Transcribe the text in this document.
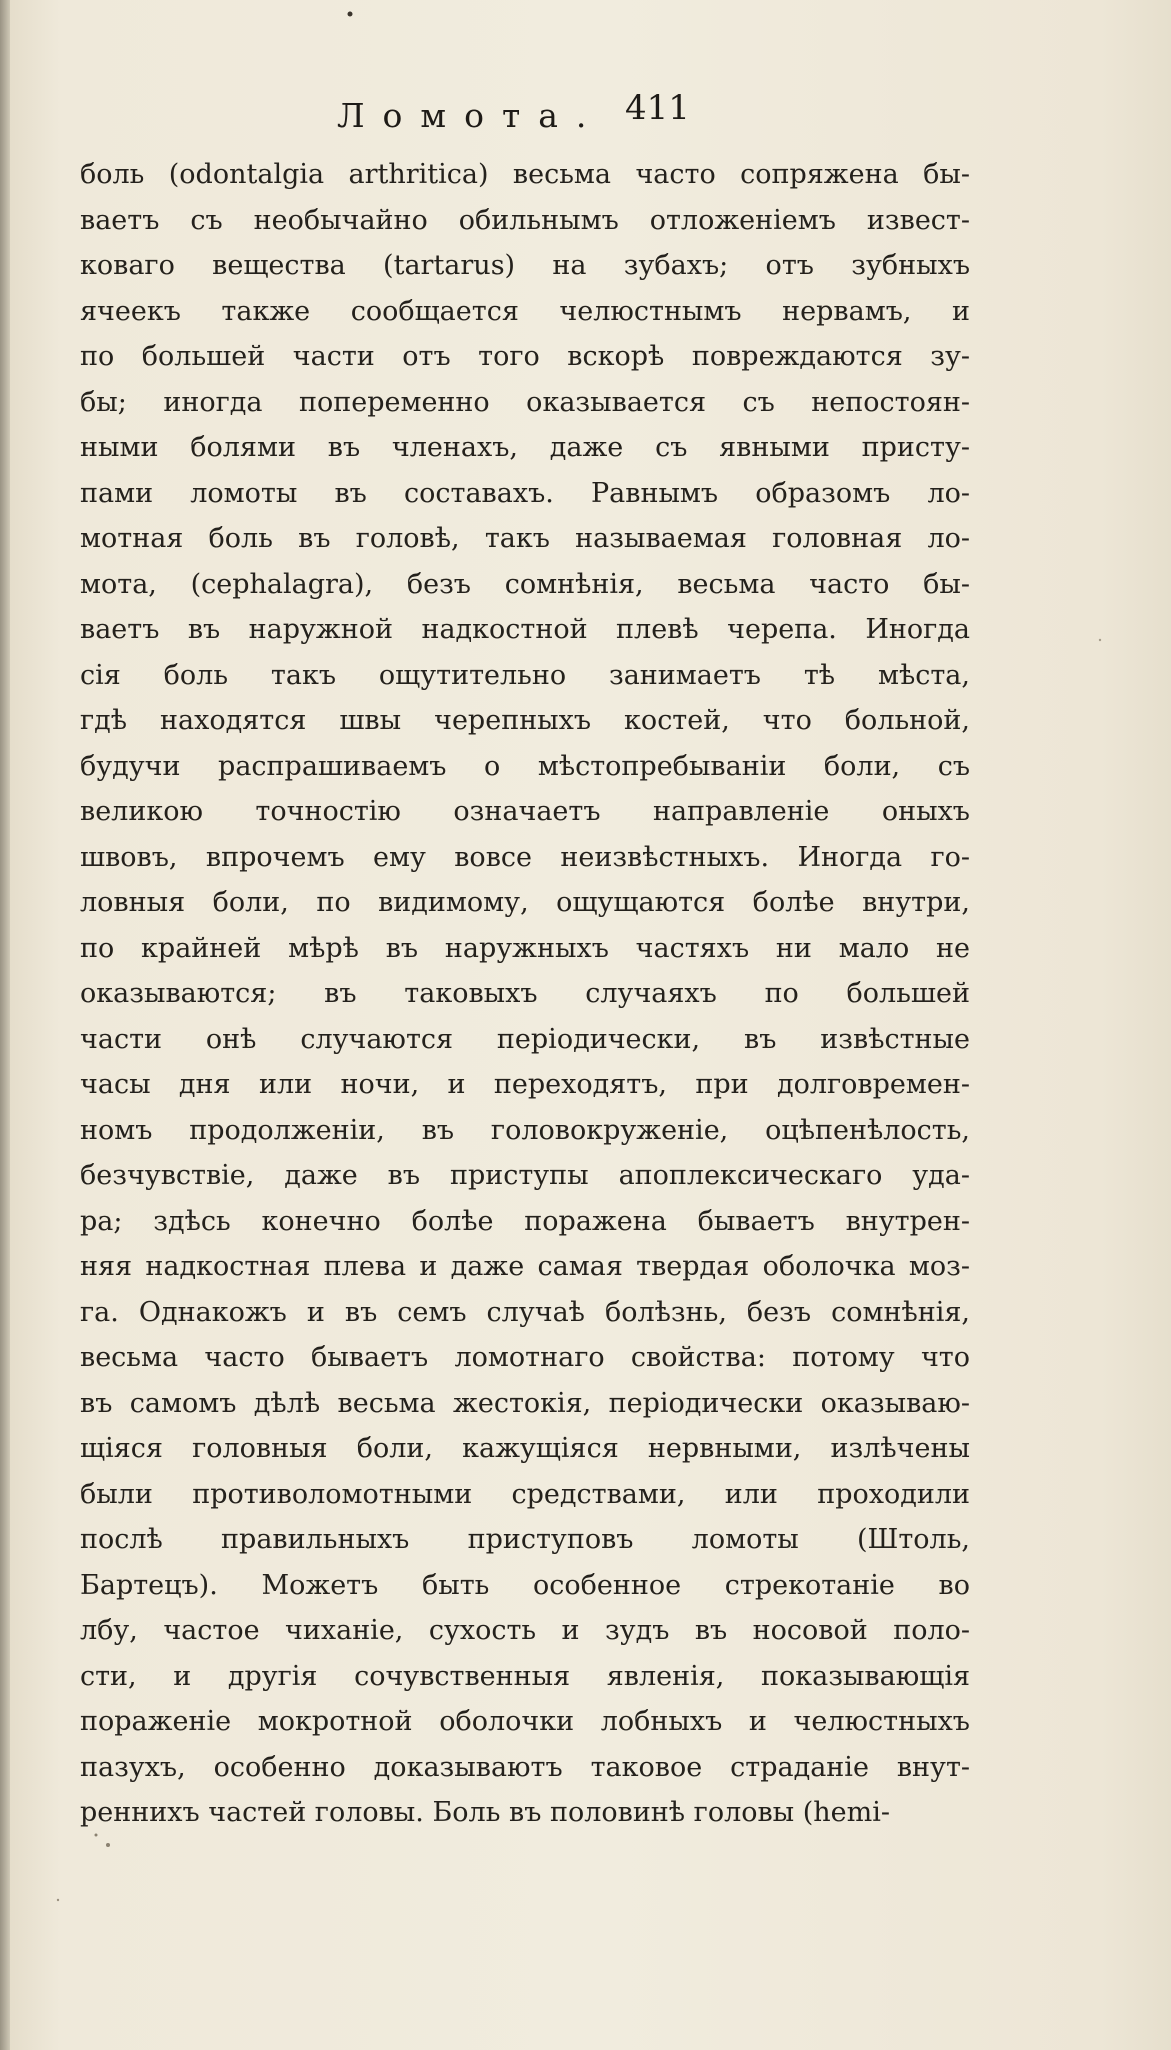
Ломота. 411
боль (odontalgia arthritica) весьма часто сопряжена бы-
ваетъ съ необычайно обильнымъ отложеніемъ извест-
коваго вещества (tartarus) на зубахъ; отъ зубныхъ
ячеекъ также сообщается челюстнымъ нервамъ, и
по большей части отъ того вскорѣ повреждаются зу-
бы; иногда попеременно оказывается съ непостоян-
ными болями въ членахъ, даже съ явными присту-
пами ломоты въ составахъ. Равнымъ образомъ ло-
мотная боль въ головѣ, такъ называемая головная ло-
мота, (cephalagra), безъ сомнѣнія, весьма часто бы-
ваетъ въ наружной надкостной плевѣ черепа. Иногда
сія боль такъ ощутительно занимаетъ тѣ мѣста,
гдѣ находятся швы черепныхъ костей, что больной,
будучи распрашиваемъ о мѣстопребываніи боли, съ
великою точностію означаетъ направленіе оныхъ
швовъ, впрочемъ ему вовсе неизвѣстныхъ. Иногда го-
ловныя боли, по видимому, ощущаются болѣе внутри,
по крайней мѣрѣ въ наружныхъ частяхъ ни мало не
оказываются; въ таковыхъ случаяхъ по большей
части онѣ случаются періодически, въ извѣстные
часы дня или ночи, и переходятъ, при долговремен-
номъ продолженіи, въ головокруженіе, оцѣпенѣлость,
безчувствіе, даже въ приступы апоплексическаго уда-
ра; здѣсь конечно болѣе поражена бываетъ внутрен-
няя надкостная плева и даже самая твердая оболочка моз-
га. Однакожъ и въ семъ случаѣ болѣзнь, безъ сомнѣнія,
весьма часто бываетъ ломотнаго свойства: потому что
въ самомъ дѣлѣ весьма жестокія, періодически оказываю-
щіяся головныя боли, кажущіяся нервными, излѣчены
были противоломотными средствами, или проходили
послѣ правильныхъ приступовъ ломоты (Штоль,
Бартецъ). Можетъ быть особенное стрекотаніе во
лбу, частое чиханіе, сухость и зудъ въ носовой поло-
сти, и другія сочувственныя явленія, показывающія
пораженіе мокротной оболочки лобныхъ и челюстныхъ
пазухъ, особенно доказываютъ таковое страданіе внут-
реннихъ частей головы. Боль въ половинѣ головы (hemi-
